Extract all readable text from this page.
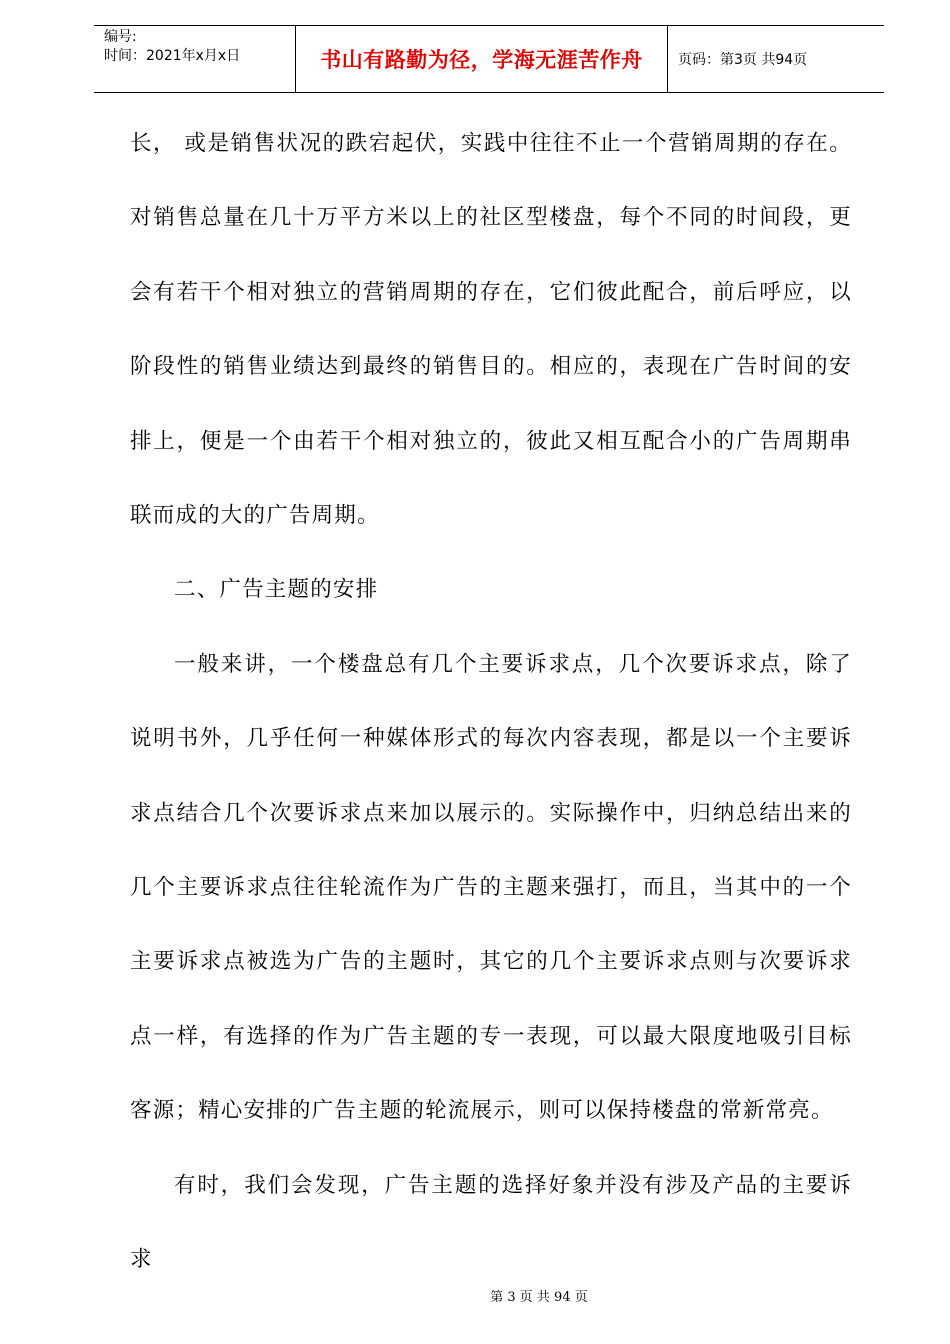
编号:
时间：2021年x月x日	书山有路勤为径，学海无涯苦作舟	页码：第3页 共94页

长， 或是销售状况的跌宕起伏，实践中往往不止一个营销周期的存在。对销售总量在几十万平方米以上的社区型楼盘，每个不同的时间段，更会有若干个相对独立的营销周期的存在，它们彼此配合，前后呼应，以阶段性的销售业绩达到最终的销售目的。相应的，表现在广告时间的安排上，便是一个由若干个相对独立的，彼此又相互配合小的广告周期串联而成的大的广告周期。

二、广告主题的安排

一般来讲，一个楼盘总有几个主要诉求点，几个次要诉求点，除了说明书外，几乎任何一种媒体形式的每次内容表现，都是以一个主要诉求点结合几个次要诉求点来加以展示的。实际操作中，归纳总结出来的几个主要诉求点往往轮流作为广告的主题来强打，而且，当其中的一个主要诉求点被选为广告的主题时，其它的几个主要诉求点则与次要诉求点一样，有选择的作为广告主题的专一表现，可以最大限度地吸引目标客源；精心安排的广告主题的轮流展示，则可以保持楼盘的常新常亮。

有时，我们会发现，广告主题的选择好象并没有涉及产品的主要诉求

第 3 页 共 94 页
